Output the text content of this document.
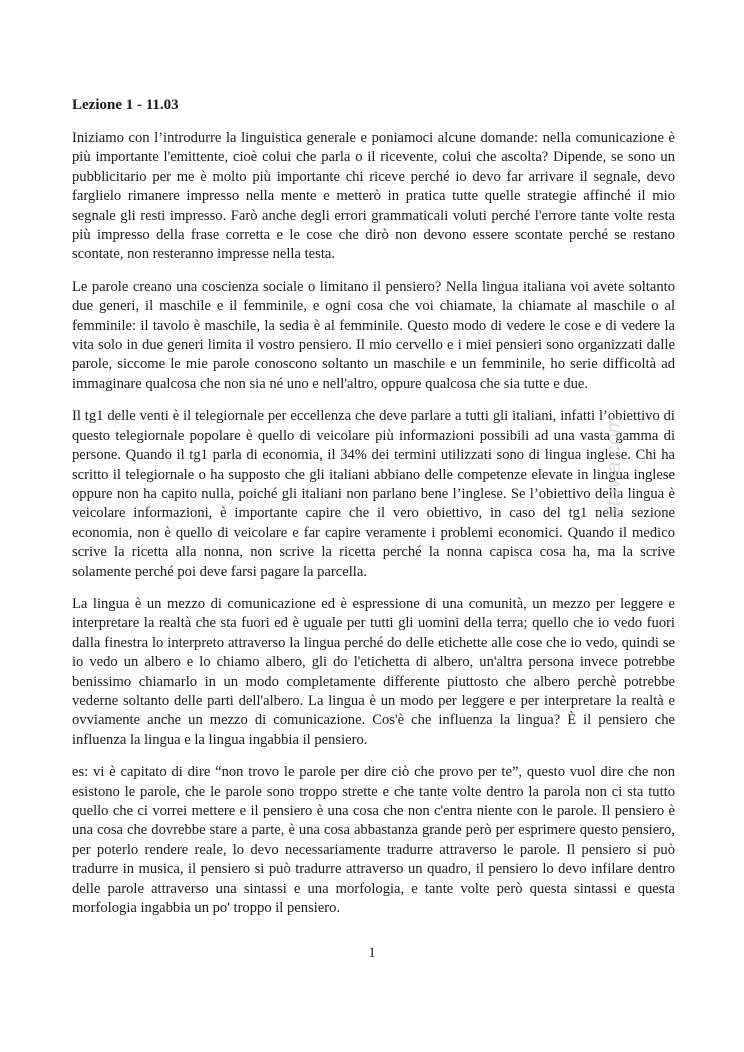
Lezione 1 - 11.03

Iniziamo con l’introdurre la linguistica generale e poniamoci alcune domande: nella comunicazione è più importante l'emittente, cioè colui che parla o il ricevente, colui che ascolta? Dipende, se sono un pubblicitario per me è molto più importante chi riceve perché io devo far arrivare il segnale, devo farglielo rimanere impresso nella mente e metterò in pratica tutte quelle strategie affinché il mio segnale gli resti impresso. Farò anche degli errori grammaticali voluti perché l'errore tante volte resta più impresso della frase corretta e le cose che dirò non devono essere scontate perché se restano scontate, non resteranno impresse nella testa.

Le parole creano una coscienza sociale o limitano il pensiero? Nella lingua italiana voi avete soltanto due generi, il maschile e il femminile, e ogni cosa che voi chiamate, la chiamate al maschile o al femminile: il tavolo è maschile, la sedia è al femminile. Questo modo di vedere le cose e di vedere la vita solo in due generi limita il vostro pensiero. Il mio cervello e i miei pensieri sono organizzati dalle parole, siccome le mie parole conoscono soltanto un maschile e un femminile, ho serie difficoltà ad immaginare qualcosa che non sia né uno e nell'altro, oppure qualcosa che sia tutte e due.

Il tg1 delle venti è il telegiornale per eccellenza che deve parlare a tutti gli italiani, infatti l’obiettivo di questo telegiornale popolare è quello di veicolare più informazioni possibili ad una vasta gamma di persone. Quando il tg1 parla di economia, il 34% dei termini utilizzati sono di lingua inglese. Chi ha scritto il telegiornale o ha supposto che gli italiani abbiano delle competenze elevate in lingua inglese oppure non ha capito nulla, poiché gli italiani non parlano bene l’inglese. Se l’obiettivo della lingua è veicolare informazioni, è importante capire che il vero obiettivo, in caso del tg1 nella sezione economia, non è quello di veicolare e far capire veramente i problemi economici. Quando il medico scrive la ricetta alla nonna, non scrive la ricetta perché la nonna capisca cosa ha, ma la scrive solamente perché poi deve farsi pagare la parcella.

La lingua è un mezzo di comunicazione ed è espressione di una comunità, un mezzo per leggere e interpretare la realtà che sta fuori ed è uguale per tutti gli uomini della terra; quello che io vedo fuori dalla finestra lo interpreto attraverso la lingua perché do delle etichette alle cose che io vedo, quindi se io vedo un albero e lo chiamo albero, gli do l'etichetta di albero, un'altra persona invece potrebbe benissimo chiamarlo in un modo completamente differente piuttosto che albero perchè potrebbe vederne soltanto delle parti dell'albero. La lingua è un modo per leggere e per interpretare la realtà e ovviamente anche un mezzo di comunicazione. Cos'è che influenza la lingua? È il pensiero che influenza la lingua e la lingua ingabbia il pensiero.

es: vi è capitato di dire “non trovo le parole per dire ciò che provo per te”, questo vuol dire che non esistono le parole, che le parole sono troppo strette e che tante volte dentro la parola non ci sta tutto quello che ci vorrei mettere e il pensiero è una cosa che non c'entra niente con le parole. Il pensiero è una cosa che dovrebbe stare a parte, è una cosa abbastanza grande però per esprimere questo pensiero, per poterlo rendere reale, lo devo necessariamente tradurre attraverso le parole. Il pensiero si può tradurre in musica, il pensiero si può tradurre attraverso un quadro, il pensiero lo devo infilare dentro delle parole attraverso una sintassi e una morfologia, e tante volte però questa sintassi e questa morfologia ingabbia un po' troppo il pensiero.

Stuvia.com
1
